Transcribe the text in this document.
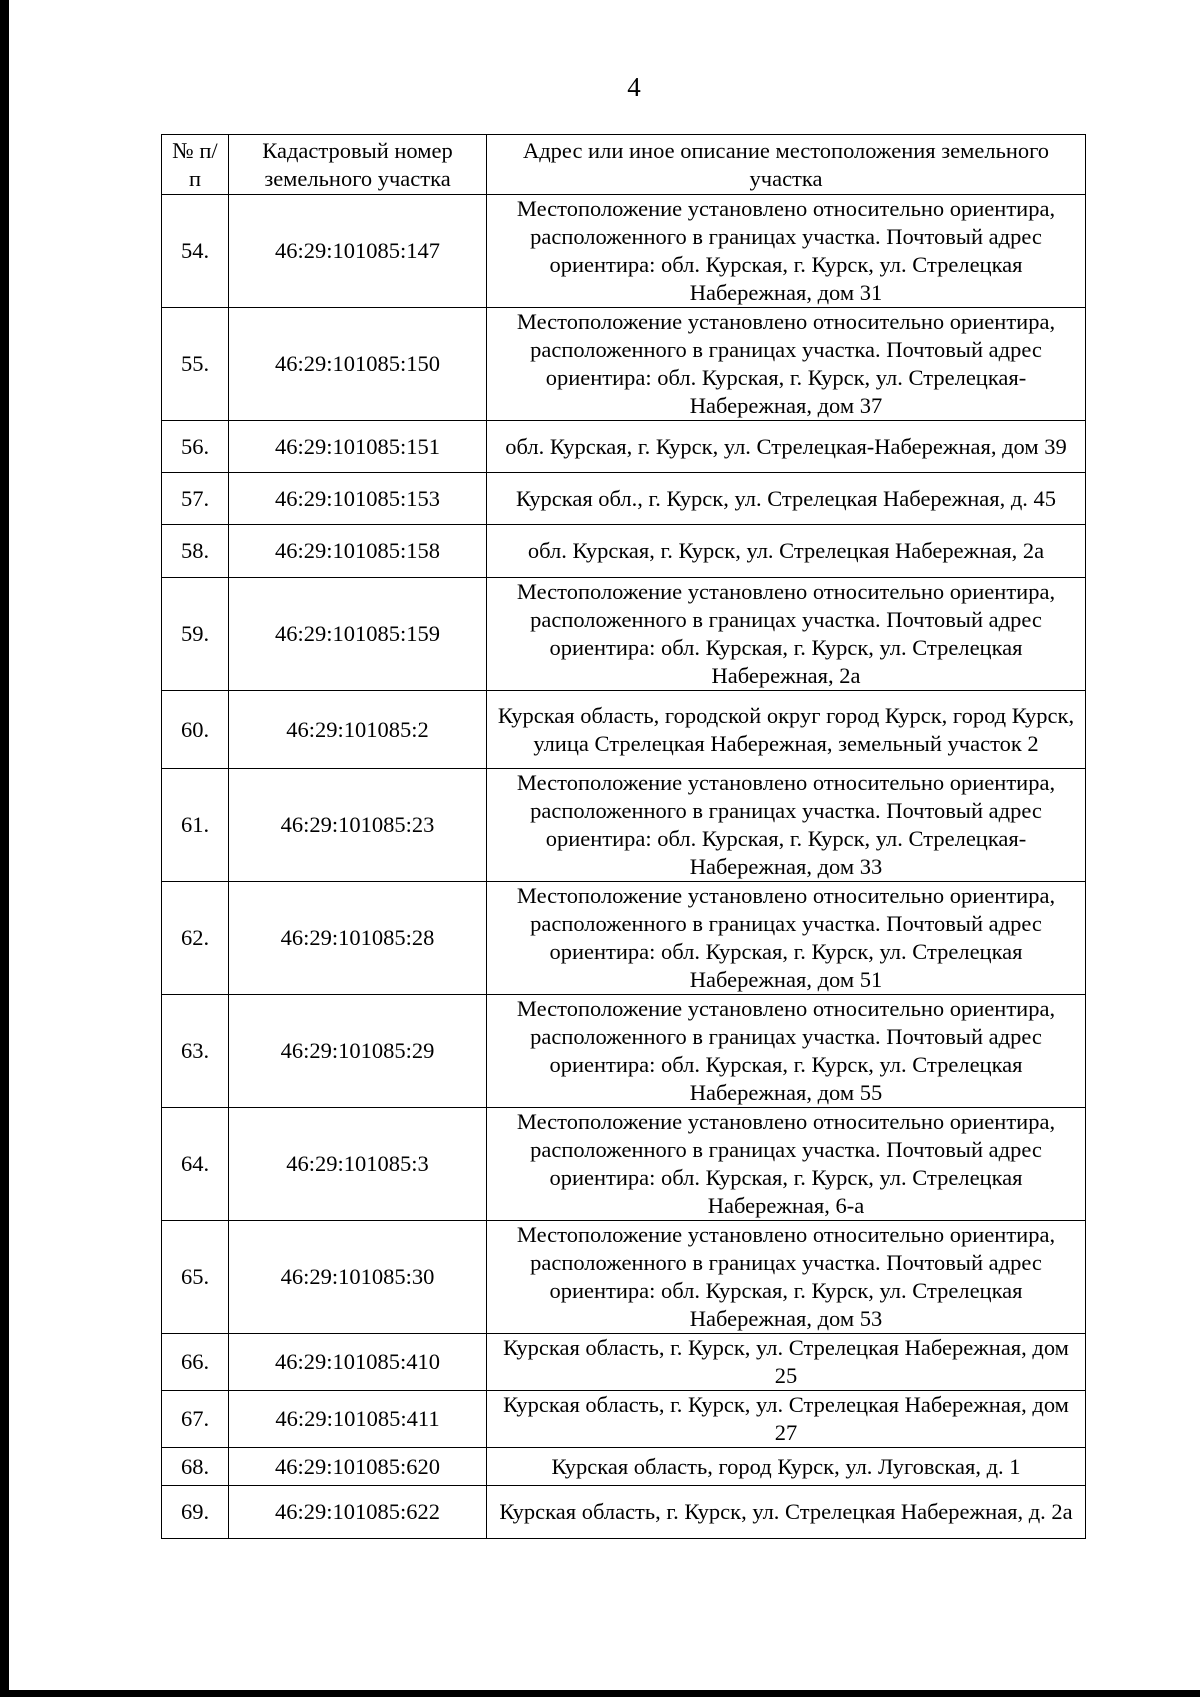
4
№ п/п	Кадастровый номер земельного участка	Адрес или иное описание местоположения земельного участка
54.	46:29:101085:147	Местоположение установлено относительно ориентира, расположенного в границах участка. Почтовый адрес ориентира: обл. Курская, г. Курск, ул. Стрелецкая Набережная, дом 31
55.	46:29:101085:150	Местоположение установлено относительно ориентира, расположенного в границах участка. Почтовый адрес ориентира: обл. Курская, г. Курск, ул. Стрелецкая-Набережная, дом 37
56.	46:29:101085:151	обл. Курская, г. Курск, ул. Стрелецкая-Набережная, дом 39
57.	46:29:101085:153	Курская обл., г. Курск, ул. Стрелецкая Набережная, д. 45
58.	46:29:101085:158	обл. Курская, г. Курск, ул. Стрелецкая Набережная, 2а
59.	46:29:101085:159	Местоположение установлено относительно ориентира, расположенного в границах участка. Почтовый адрес ориентира: обл. Курская, г. Курск, ул. Стрелецкая Набережная, 2а
60.	46:29:101085:2	Курская область, городской округ город Курск, город Курск, улица Стрелецкая Набережная, земельный участок 2
61.	46:29:101085:23	Местоположение установлено относительно ориентира, расположенного в границах участка. Почтовый адрес ориентира: обл. Курская, г. Курск, ул. Стрелецкая-Набережная, дом 33
62.	46:29:101085:28	Местоположение установлено относительно ориентира, расположенного в границах участка. Почтовый адрес ориентира: обл. Курская, г. Курск, ул. Стрелецкая Набережная, дом 51
63.	46:29:101085:29	Местоположение установлено относительно ориентира, расположенного в границах участка. Почтовый адрес ориентира: обл. Курская, г. Курск, ул. Стрелецкая Набережная, дом 55
64.	46:29:101085:3	Местоположение установлено относительно ориентира, расположенного в границах участка. Почтовый адрес ориентира: обл. Курская, г. Курск, ул. Стрелецкая Набережная, 6-а
65.	46:29:101085:30	Местоположение установлено относительно ориентира, расположенного в границах участка. Почтовый адрес ориентира: обл. Курская, г. Курск, ул. Стрелецкая Набережная, дом 53
66.	46:29:101085:410	Курская область, г. Курск, ул. Стрелецкая Набережная, дом 25
67.	46:29:101085:411	Курская область, г. Курск, ул. Стрелецкая Набережная, дом 27
68.	46:29:101085:620	Курская область, город Курск, ул. Луговская, д. 1
69.	46:29:101085:622	Курская область, г. Курск, ул. Стрелецкая Набережная, д. 2а
